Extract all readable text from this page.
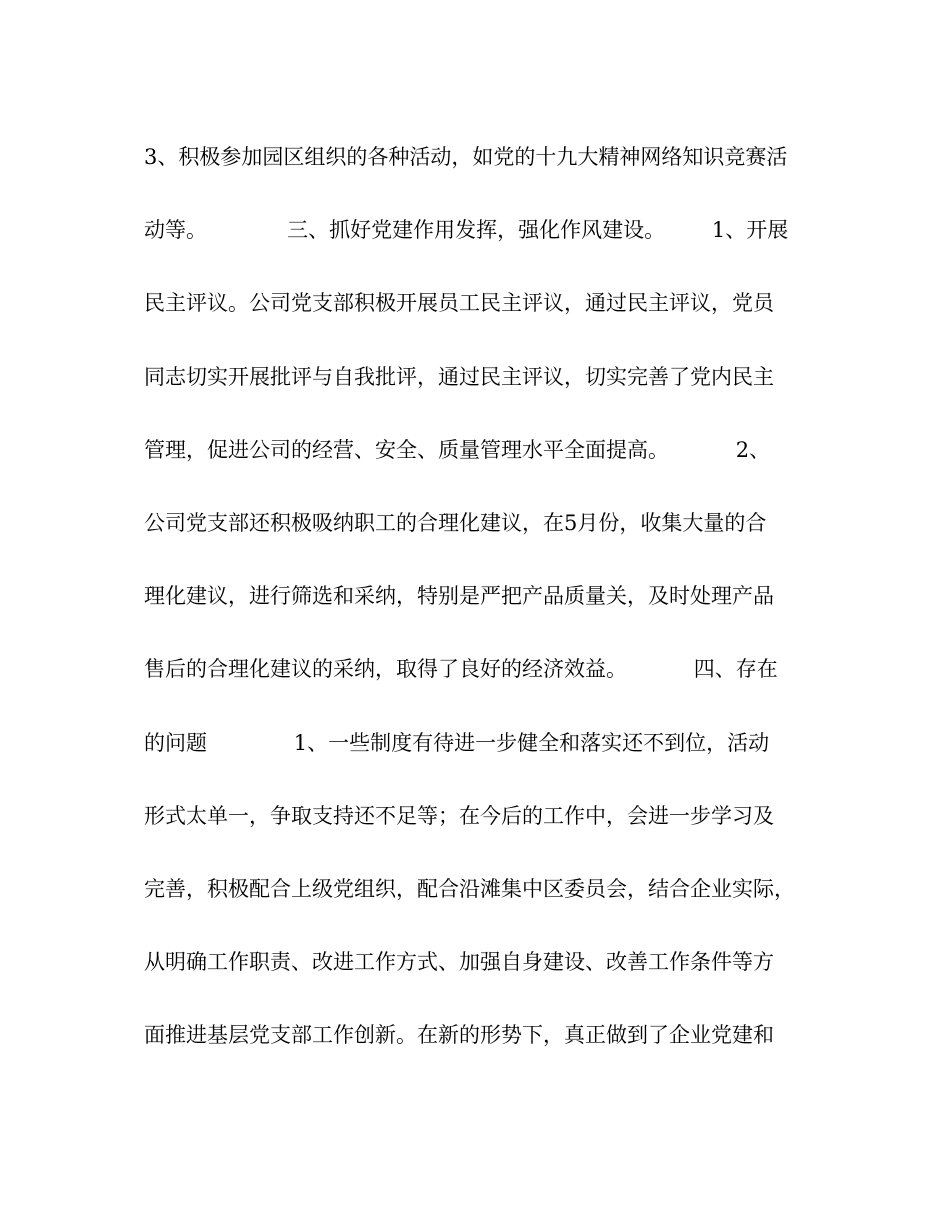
3、积极参加园区组织的各种活动，如党的十九大精神网络知识竞赛活
动等。            三、抓好党建作用发挥，强化作风建设。       1、开展
民主评议。公司党支部积极开展员工民主评议，通过民主评议，党员
同志切实开展批评与自我批评，通过民主评议，切实完善了党内民主
管理，促进公司的经营、安全、质量管理水平全面提高。          2、
公司党支部还积极吸纳职工的合理化建议，在5月份，收集大量的合
理化建议，进行筛选和采纳，特别是严把产品质量关，及时处理产品
售后的合理化建议的采纳，取得了良好的经济效益。          四、存在
的问题             1、一些制度有待进一步健全和落实还不到位，活动
形式太单一，争取支持还不足等；在今后的工作中，会进一步学习及
完善，积极配合上级党组织，配合沿滩集中区委员会，结合企业实际，
从明确工作职责、改进工作方式、加强自身建设、改善工作条件等方
面推进基层党支部工作创新。在新的形势下，真正做到了企业党建和
